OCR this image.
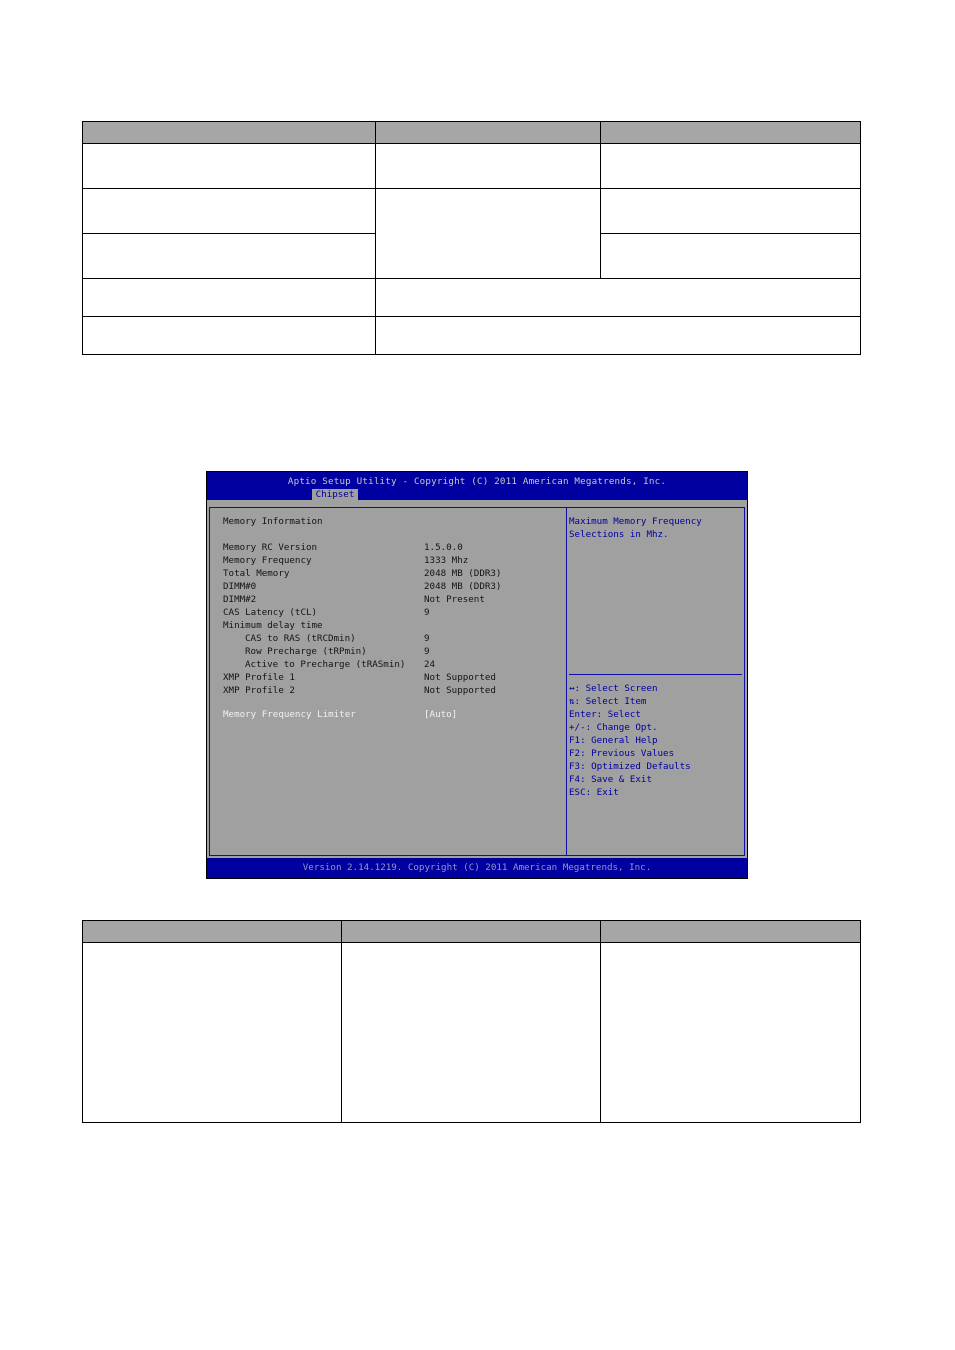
Aptio Setup Utility - Copyright (C) 2011 American Megatrends, Inc.
Chipset
Memory Information
Memory RC Version	1.5.0.0
Memory Frequency	1333 Mhz
Total Memory	2048 MB (DDR3)
DIMM#0	2048 MB (DDR3)
DIMM#2	Not Present
CAS Latency (tCL)	9
Minimum delay time
CAS to RAS (tRCDmin)	9
Row Precharge (tRPmin)	9
Active to Precharge (tRASmin) 24
XMP Profile 1	Not Supported
XMP Profile 2	Not Supported
Memory Frequency Limiter	[Auto]
Maximum Memory Frequency
Selections in Mhz.
↔: Select Screen
⇅: Select Item
Enter: Select
+/-: Change Opt.
F1: General Help
F2: Previous Values
F3: Optimized Defaults
F4: Save & Exit
ESC: Exit
Version 2.14.1219. Copyright (C) 2011 American Megatrends, Inc.
